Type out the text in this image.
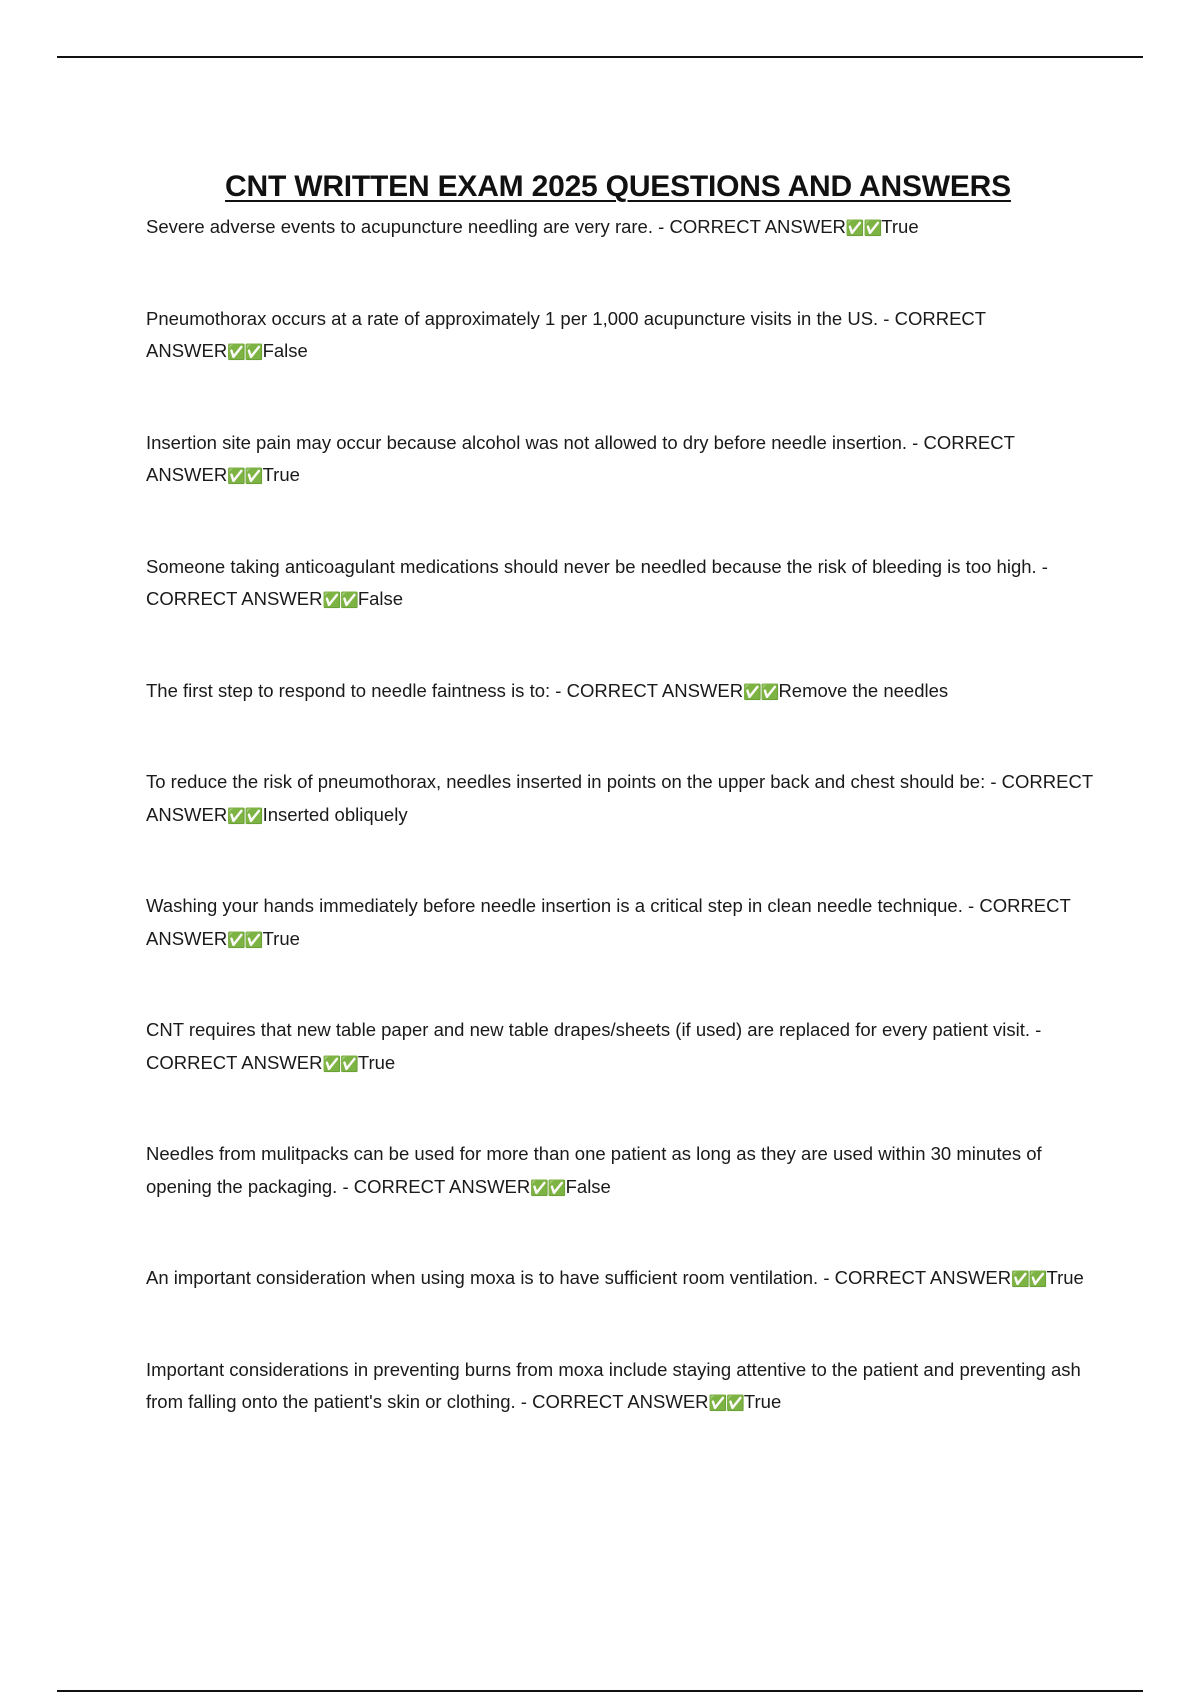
CNT WRITTEN EXAM 2025 QUESTIONS AND ANSWERS

Severe adverse events to acupuncture needling are very rare. - CORRECT ANSWER✅✅True

Pneumothorax occurs at a rate of approximately 1 per 1,000 acupuncture visits in the US. - CORRECT ANSWER✅✅False

Insertion site pain may occur because alcohol was not allowed to dry before needle insertion. - CORRECT ANSWER✅✅True

Someone taking anticoagulant medications should never be needled because the risk of bleeding is too high. - CORRECT ANSWER✅✅False

The first step to respond to needle faintness is to: - CORRECT ANSWER✅✅Remove the needles

To reduce the risk of pneumothorax, needles inserted in points on the upper back and chest should be: - CORRECT ANSWER✅✅Inserted obliquely

Washing your hands immediately before needle insertion is a critical step in clean needle technique. - CORRECT ANSWER✅✅True

CNT requires that new table paper and new table drapes/sheets (if used) are replaced for every patient visit. - CORRECT ANSWER✅✅True

Needles from mulitpacks can be used for more than one patient as long as they are used within 30 minutes of opening the packaging. - CORRECT ANSWER✅✅False

An important consideration when using moxa is to have sufficient room ventilation. - CORRECT ANSWER✅✅True

Important considerations in preventing burns from moxa include staying attentive to the patient and preventing ash from falling onto the patient's skin or clothing. - CORRECT ANSWER✅✅True
